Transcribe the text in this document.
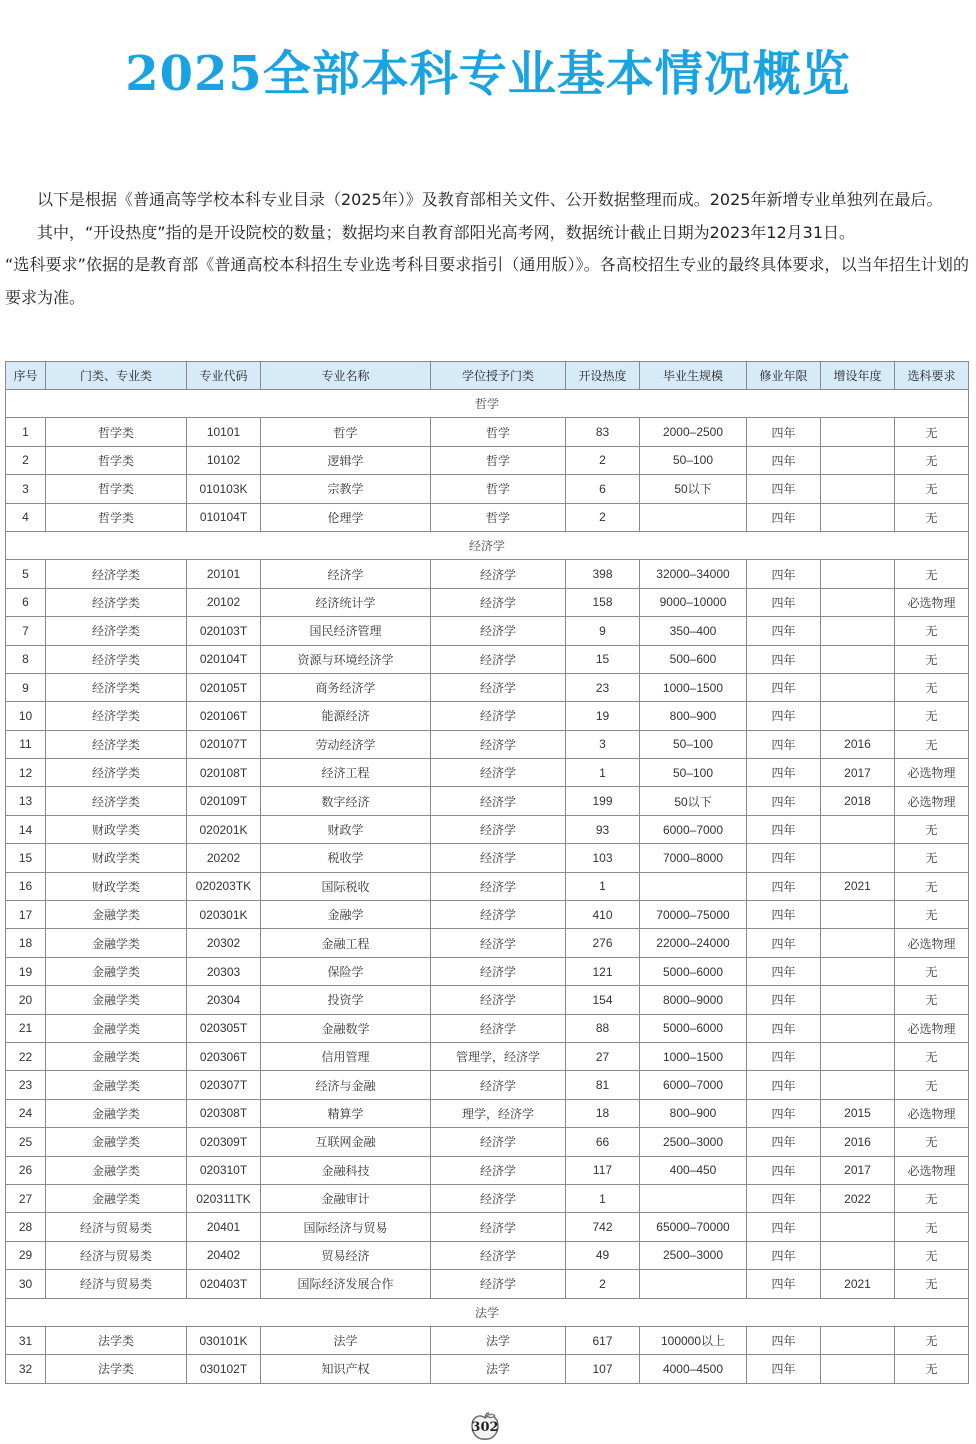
2025全部本科专业基本情况概览

以下是根据《普通高等学校本科专业目录（2025年）》及教育部相关文件、公开数据整理而成。2025年新增专业单独列在最后。

其中，“开设热度”指的是开设院校的数量；数据均来自教育部阳光高考网，数据统计截止日期为2023年12月31日。

“选科要求”依据的是教育部《普通高校本科招生专业选考科目要求指引（通用版）》。各高校招生专业的最终具体要求，以当年招生计划的要求为准。

序号	门类、专业类	专业代码	专业名称	学位授予门类	开设热度	毕业生规模	修业年限	增设年度	选科要求
哲学									
1	哲学类	10101	哲学	哲学	83	2000–2500	四年		无
2	哲学类	10102	逻辑学	哲学	2	50–100	四年		无
3	哲学类	010103K	宗教学	哲学	6	50以下	四年		无
4	哲学类	010104T	伦理学	哲学	2		四年		无
经济学									
5	经济学类	20101	经济学	经济学	398	32000–34000	四年		无
6	经济学类	20102	经济统计学	经济学	158	9000–10000	四年		必选物理
7	经济学类	020103T	国民经济管理	经济学	9	350–400	四年		无
8	经济学类	020104T	资源与环境经济学	经济学	15	500–600	四年		无
9	经济学类	020105T	商务经济学	经济学	23	1000–1500	四年		无
10	经济学类	020106T	能源经济	经济学	19	800–900	四年		无
11	经济学类	020107T	劳动经济学	经济学	3	50–100	四年	2016	无
12	经济学类	020108T	经济工程	经济学	1	50–100	四年	2017	必选物理
13	经济学类	020109T	数字经济	经济学	199	50以下	四年	2018	必选物理
14	财政学类	020201K	财政学	经济学	93	6000–7000	四年		无
15	财政学类	20202	税收学	经济学	103	7000–8000	四年		无
16	财政学类	020203TK	国际税收	经济学	1		四年	2021	无
17	金融学类	020301K	金融学	经济学	410	70000–75000	四年		无
18	金融学类	20302	金融工程	经济学	276	22000–24000	四年		必选物理
19	金融学类	20303	保险学	经济学	121	5000–6000	四年		无
20	金融学类	20304	投资学	经济学	154	8000–9000	四年		无
21	金融学类	020305T	金融数学	经济学	88	5000–6000	四年		必选物理
22	金融学类	020306T	信用管理	管理学，经济学	27	1000–1500	四年		无
23	金融学类	020307T	经济与金融	经济学	81	6000–7000	四年		无
24	金融学类	020308T	精算学	理学，经济学	18	800–900	四年	2015	必选物理
25	金融学类	020309T	互联网金融	经济学	66	2500–3000	四年	2016	无
26	金融学类	020310T	金融科技	经济学	117	400–450	四年	2017	必选物理
27	金融学类	020311TK	金融审计	经济学	1		四年	2022	无
28	经济与贸易类	20401	国际经济与贸易	经济学	742	65000–70000	四年		无
29	经济与贸易类	20402	贸易经济	经济学	49	2500–3000	四年		无
30	经济与贸易类	020403T	国际经济发展合作	经济学	2		四年	2021	无
法学									
31	法学类	030101K	法学	法学	617	100000以上	四年		无
32	法学类	030102T	知识产权	法学	107	4000–4500	四年		无
302
